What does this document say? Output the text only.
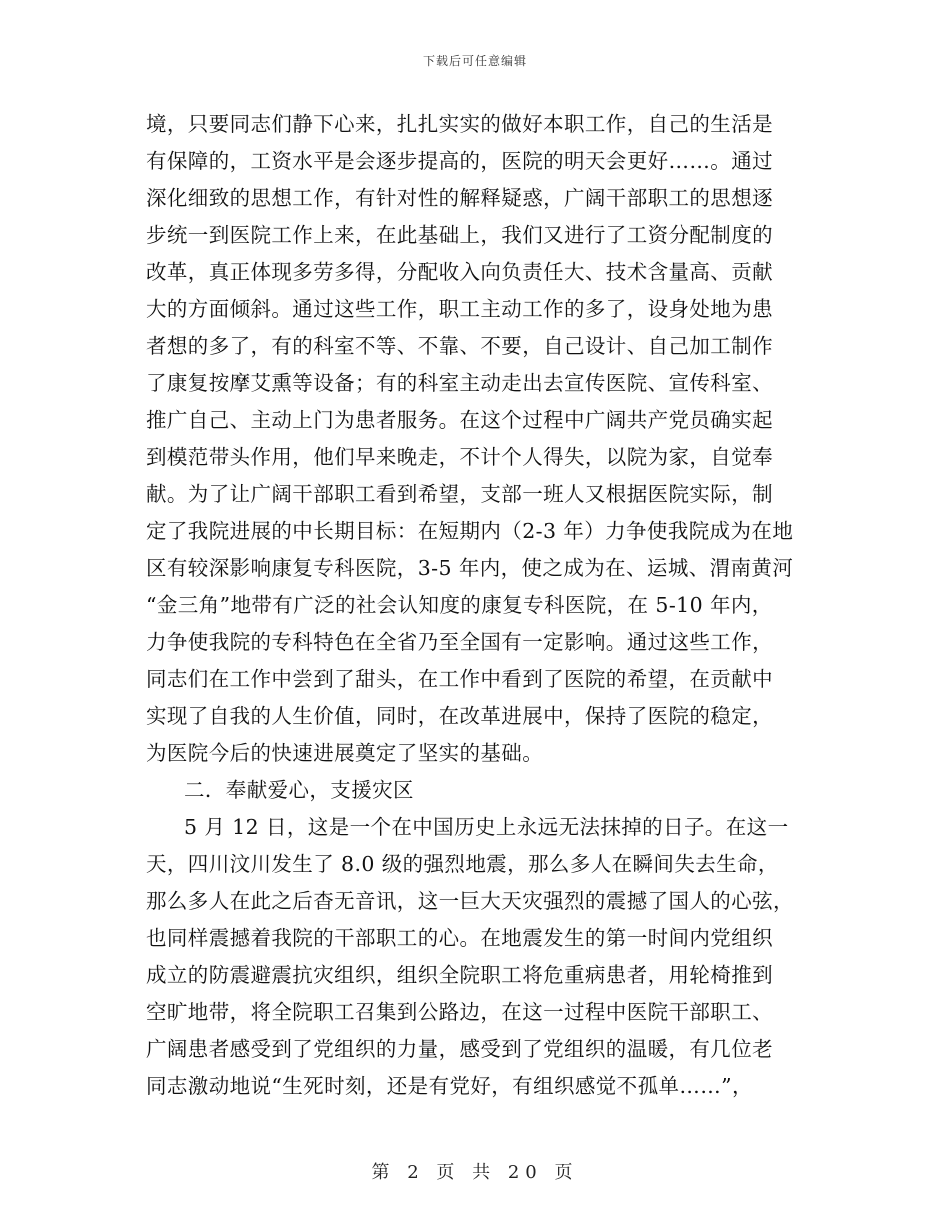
下载后可任意编辑
境，只要同志们静下心来，扎扎实实的做好本职工作，自己的生活是
有保障的，工资水平是会逐步提高的，医院的明天会更好……。通过
深化细致的思想工作，有针对性的解释疑惑，广阔干部职工的思想逐
步统一到医院工作上来，在此基础上，我们又进行了工资分配制度的
改革，真正体现多劳多得，分配收入向负责任大、技术含量高、贡献
大的方面倾斜。通过这些工作，职工主动工作的多了，设身处地为患
者想的多了，有的科室不等、不靠、不要，自己设计、自己加工制作
了康复按摩艾熏等设备；有的科室主动走出去宣传医院、宣传科室、
推广自己、主动上门为患者服务。在这个过程中广阔共产党员确实起
到模范带头作用，他们早来晚走，不计个人得失，以院为家，自觉奉
献。为了让广阔干部职工看到希望，支部一班人又根据医院实际，制
定了我院进展的中长期目标：在短期内（2-3 年）力争使我院成为在地
区有较深影响康复专科医院，3-5 年内，使之成为在、运城、渭南黄河
“金三角”地带有广泛的社会认知度的康复专科医院，在 5-10 年内，
力争使我院的专科特色在全省乃至全国有一定影响。通过这些工作，
同志们在工作中尝到了甜头，在工作中看到了医院的希望，在贡献中
实现了自我的人生价值，同时，在改革进展中，保持了医院的稳定，
为医院今后的快速进展奠定了坚实的基础。
二．奉献爱心，支援灾区
5 月 12 日，这是一个在中国历史上永远无法抹掉的日子。在这一
天，四川汶川发生了 8.0 级的强烈地震，那么多人在瞬间失去生命，
那么多人在此之后杳无音讯，这一巨大天灾强烈的震撼了国人的心弦，
也同样震撼着我院的干部职工的心。在地震发生的第一时间内党组织
成立的防震避震抗灾组织，组织全院职工将危重病患者，用轮椅推到
空旷地带，将全院职工召集到公路边，在这一过程中医院干部职工、
广阔患者感受到了党组织的力量，感受到了党组织的温暖，有几位老
同志激动地说“生死时刻，还是有党好，有组织感觉不孤单……”，
第 2 页 共 20 页
